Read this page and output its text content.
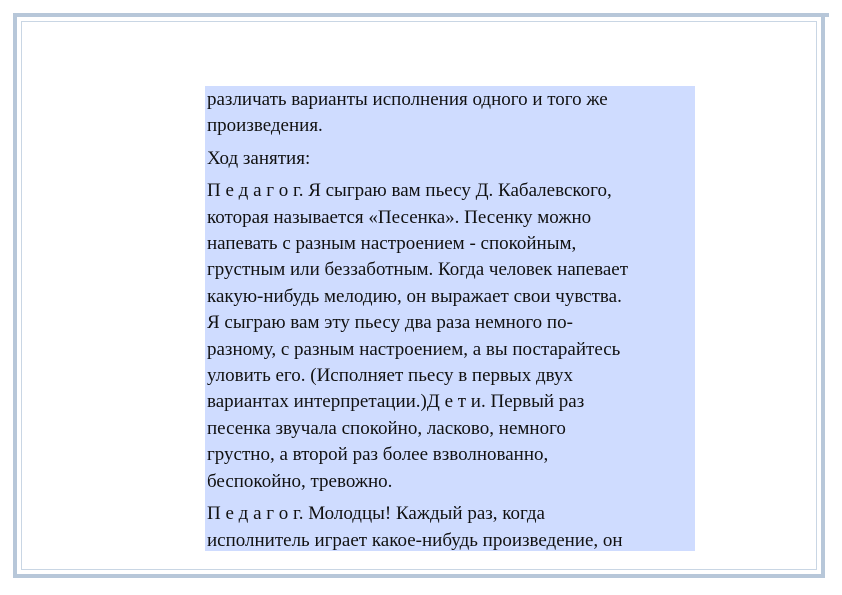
различать варианты исполнения одного и того же
произведения.

Ход занятия:

П е д а г о г. Я сыграю вам пьесу Д. Кабалевского,
которая называется «Песенка». Песенку можно
напевать с разным настроением - спокойным,
грустным или беззаботным. Когда человек напевает
какую-нибудь мелодию, он выражает свои чувства.
Я сыграю вам эту пьесу два раза немного по-
разному, с разным настроением, а вы постарайтесь
уловить его. (Исполняет пьесу в первых двух
вариантах интерпретации.)Д е т и. Первый раз
песенка звучала спокойно, ласково, немного
грустно, а второй раз более взволнованно,
беспокойно, тревожно.

П е д а г о г. Молодцы! Каждый раз, когда
исполнитель играет какое-нибудь произведение, он
